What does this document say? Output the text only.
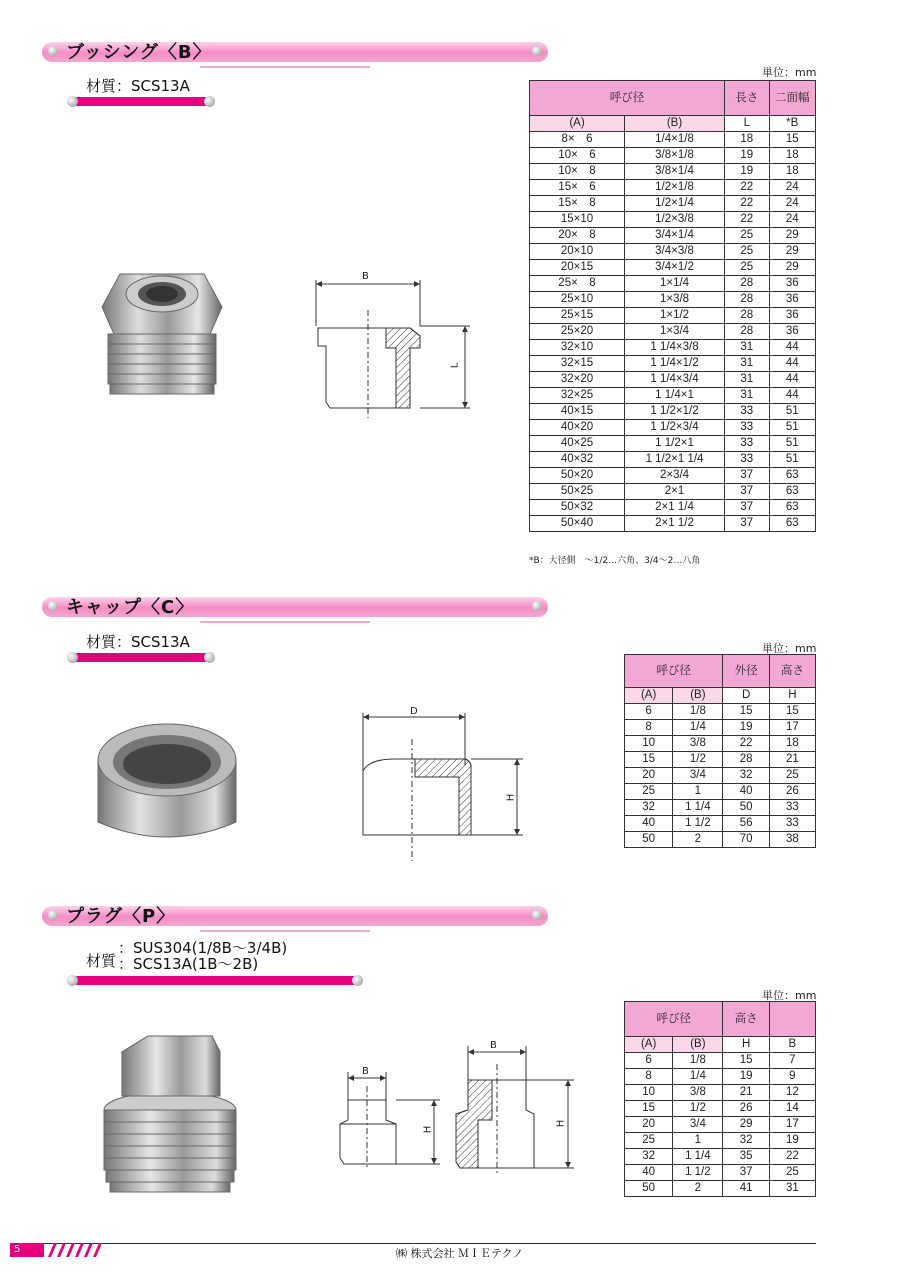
ブッシング〈B〉
材質：SCS13A
単位：mm
呼び径		長さ	二面幅
(A)	(B)	L	*B
8×　6	1/4×1/8	18	15
10×　6	3/8×1/8	19	18
10×　8	3/8×1/4	19	18
15×　6	1/2×1/8	22	24
15×　8	1/2×1/4	22	24
15×10	1/2×3/8	22	24
20×　8	3/4×1/4	25	29
20×10	3/4×3/8	25	29
20×15	3/4×1/2	25	29
25×　8	1×1/4	28	36
25×10	1×3/8	28	36
25×15	1×1/2	28	36
25×20	1×3/4	28	36
32×10	1 1/4×3/8	31	44
32×15	1 1/4×1/2	31	44
32×20	1 1/4×3/4	31	44
32×25	1 1/4×1	31	44
40×15	1 1/2×1/2	33	51
40×20	1 1/2×3/4	33	51
40×25	1 1/2×1	33	51
40×32	1 1/2×1 1/4	33	51
50×20	2×3/4	37	63
50×25	2×1	37	63
50×32	2×1 1/4	37	63
50×40	2×1 1/2	37	63
*B：大径側　～1/2…六角、3/4～2…八角
B
L
キャップ〈C〉
材質：SCS13A	単位：mm
呼び径		外径	高さ
(A)	(B)	D	H
6	1/8	15	15
8	1/4	19	17
10	3/8	22	18
15	1/2	28	21
20	3/4	32	25
25	1	40	26
32	1 1/4	50	33
40	1 1/2	56	33
50	2	70	38
D
H
プラグ〈P〉
材質
：SUS304(1/8B～3/4B)
：SCS13A(1B～2B)
単位：mm
呼び径		高さ	
(A)	(B)	H	B
6	1/8	15	7
8	1/4	19	9
10	3/8	21	12
15	1/2	26	14
20	3/4	29	17
25	1	32	19
32	1 1/4	35	22
40	1 1/2	37	25
50	2	41	31
B
H
B
H
5	㈱ 株式会社 ＭＩＥテクノ
